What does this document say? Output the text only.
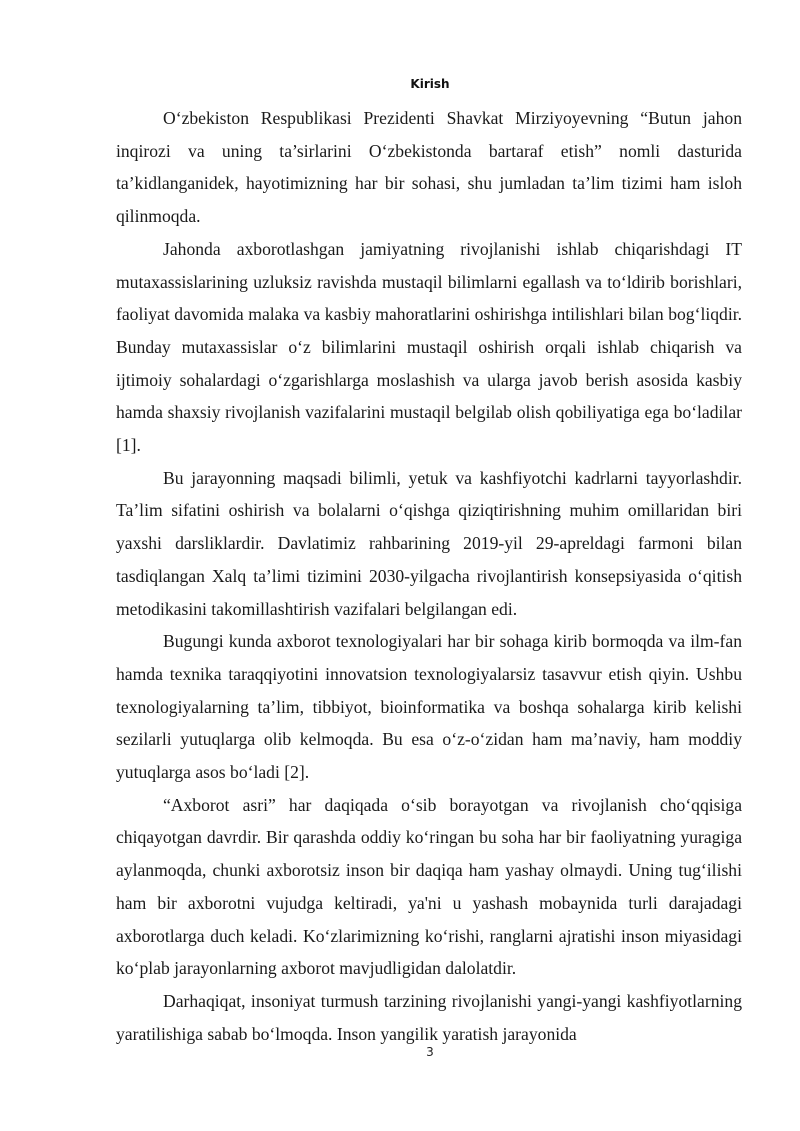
Kirish

O‘zbekiston Respublikasi Prezidenti Shavkat Mirziyoyevning “Butun jahon inqirozi va uning ta’sirlarini O‘zbekistonda bartaraf etish” nomli dasturida ta’kidlanganidek, hayotimizning har bir sohasi, shu jumladan ta’lim tizimi ham isloh qilinmoqda.

Jahonda axborotlashgan jamiyatning rivojlanishi ishlab chiqarishdagi IT mutaxassislarining uzluksiz ravishda mustaqil bilimlarni egallash va to‘ldirib borishlari, faoliyat davomida malaka va kasbiy mahoratlarini oshirishga intilishlari bilan bog‘liqdir. Bunday mutaxassislar o‘z bilimlarini mustaqil oshirish orqali ishlab chiqarish va ijtimoiy sohalardagi o‘zgarishlarga moslashish va ularga javob berish asosida kasbiy hamda shaxsiy rivojlanish vazifalarini mustaqil belgilab olish qobiliyatiga ega bo‘ladilar [1].

Bu jarayonning maqsadi bilimli, yetuk va kashfiyotchi kadrlarni tayyorlashdir. Ta’lim sifatini oshirish va bolalarni o‘qishga qiziqtirishning muhim omillaridan biri yaxshi darsliklardir. Davlatimiz rahbarining 2019-yil 29-apreldagi farmoni bilan tasdiqlangan Xalq ta’limi tizimini 2030-yilgacha rivojlantirish konsepsiyasida o‘qitish metodikasini takomillashtirish vazifalari belgilangan edi.

Bugungi kunda axborot texnologiyalari har bir sohaga kirib bormoqda va ilm-fan hamda texnika taraqqiyotini innovatsion texnologiyalarsiz tasavvur etish qiyin. Ushbu texnologiyalarning ta’lim, tibbiyot, bioinformatika va boshqa sohalarga kirib kelishi sezilarli yutuqlarga olib kelmoqda. Bu esa o‘z-o‘zidan ham ma’naviy, ham moddiy yutuqlarga asos bo‘ladi [2].

“Axborot asri” har daqiqada o‘sib borayotgan va rivojlanish cho‘qqisiga chiqayotgan davrdir. Bir qarashda oddiy ko‘ringan bu soha har bir faoliyatning yuragiga aylanmoqda, chunki axborotsiz inson bir daqiqa ham yashay olmaydi. Uning tug‘ilishi ham bir axborotni vujudga keltiradi, ya'ni u yashash mobaynida turli darajadagi axborotlarga duch keladi. Ko‘zlarimizning ko‘rishi, ranglarni ajratishi inson miyasidagi ko‘plab jarayonlarning axborot mavjudligidan dalolatdir.

Darhaqiqat, insoniyat turmush tarzining rivojlanishi yangi-yangi kashfiyotlarning yaratilishiga sabab bo‘lmoqda. Inson yangilik yaratish jarayonida

3
